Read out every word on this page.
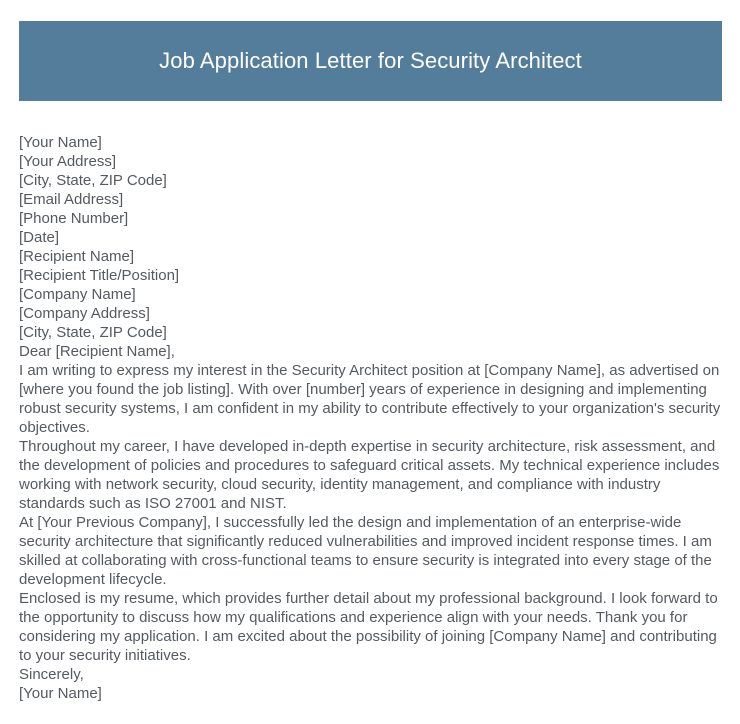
Job Application Letter for Security Architect
[Your Name]
[Your Address]
[City, State, ZIP Code]
[Email Address]
[Phone Number]
[Date]
[Recipient Name]
[Recipient Title/Position]
[Company Name]
[Company Address]
[City, State, ZIP Code]
Dear [Recipient Name],

I am writing to express my interest in the Security Architect position at [Company Name], as advertised on [where you found the job listing]. With over [number] years of experience in designing and implementing robust security systems, I am confident in my ability to contribute effectively to your organization's security objectives.

Throughout my career, I have developed in-depth expertise in security architecture, risk assessment, and the development of policies and procedures to safeguard critical assets. My technical experience includes working with network security, cloud security, identity management, and compliance with industry standards such as ISO 27001 and NIST.

At [Your Previous Company], I successfully led the design and implementation of an enterprise-wide security architecture that significantly reduced vulnerabilities and improved incident response times. I am skilled at collaborating with cross-functional teams to ensure security is integrated into every stage of the development lifecycle.

Enclosed is my resume, which provides further detail about my professional background. I look forward to the opportunity to discuss how my qualifications and experience align with your needs. Thank you for considering my application. I am excited about the possibility of joining [Company Name] and contributing to your security initiatives.

Sincerely,
[Your Name]
